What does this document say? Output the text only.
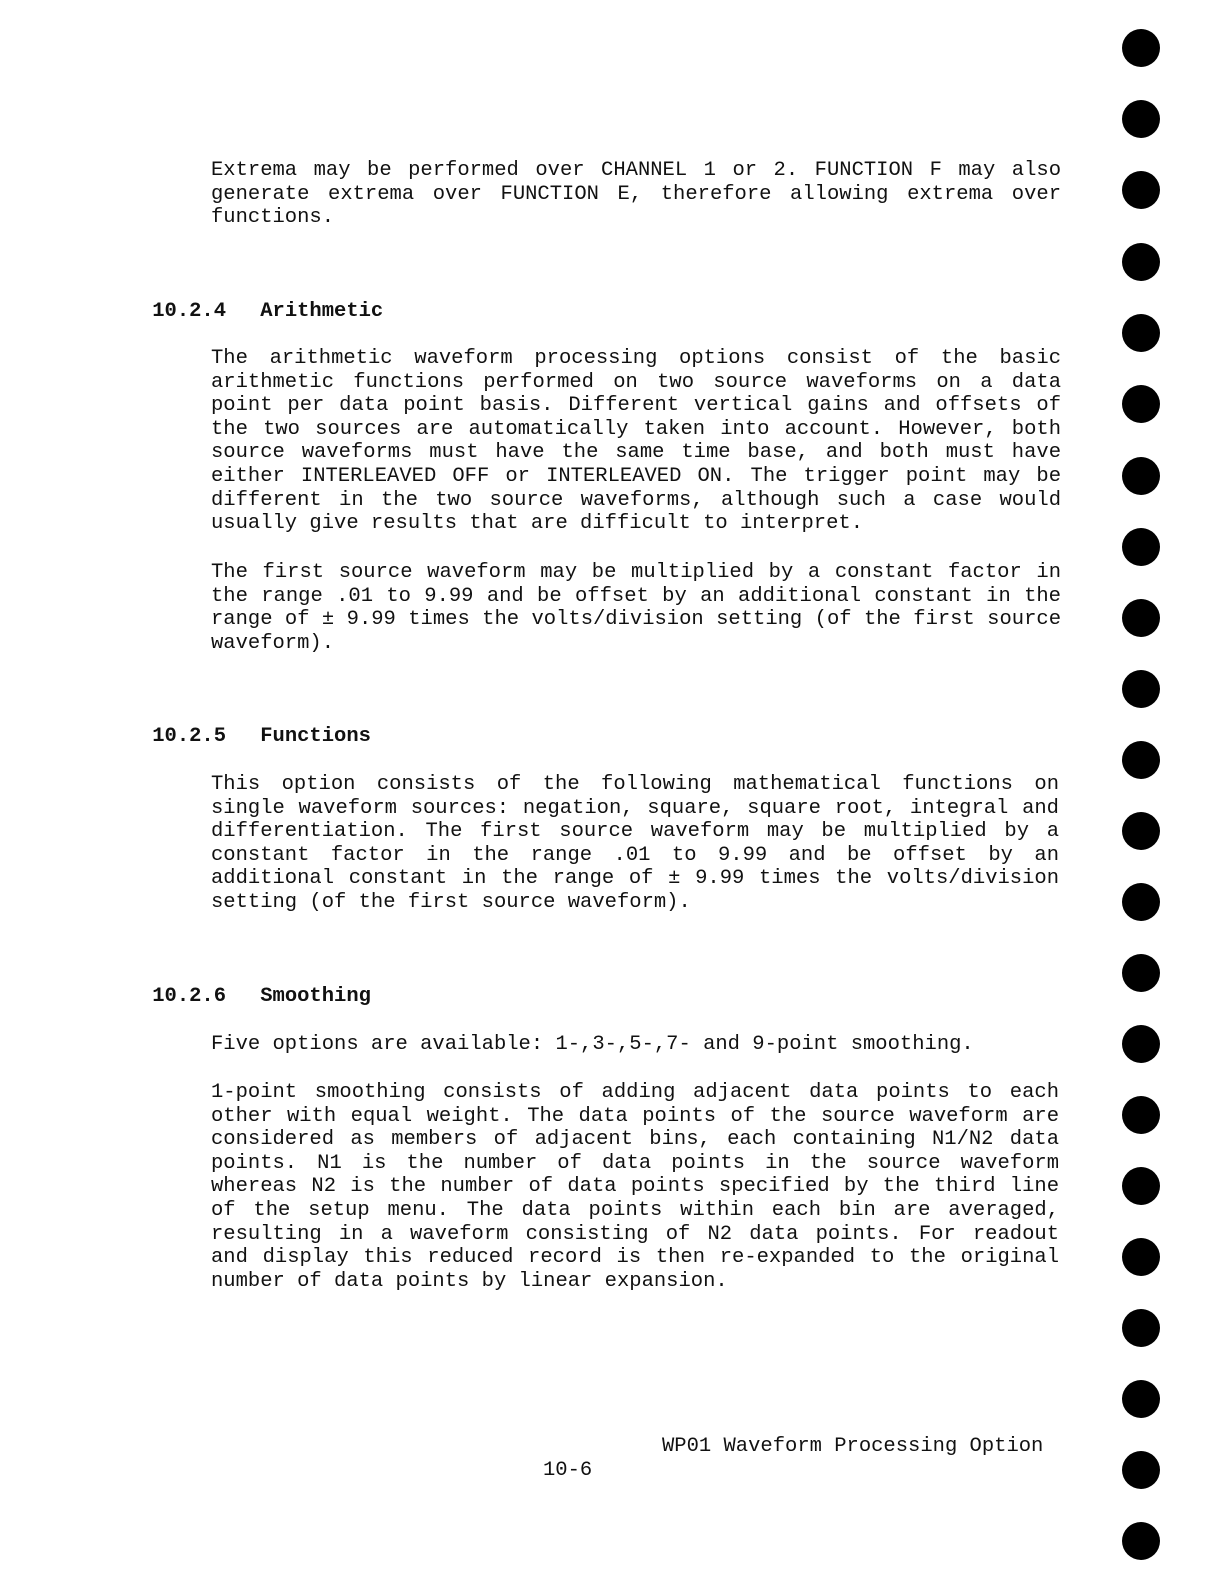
Extrema may be performed over CHANNEL 1 or 2. FUNCTION F may also generate extrema over FUNCTION E, therefore allowing extrema over functions.

10.2.4 Arithmetic

The arithmetic waveform processing options consist of the basic arithmetic functions performed on two source waveforms on a data point per data point basis. Different vertical gains and offsets of the two sources are automatically taken into account. However, both source waveforms must have the same time base, and both must have either INTERLEAVED OFF or INTERLEAVED ON. The trigger point may be different in the two source waveforms, although such a case would usually give results that are difficult to interpret.

The first source waveform may be multiplied by a constant factor in the range .01 to 9.99 and be offset by an additional constant in the range of ± 9.99 times the volts/division setting (of the first source waveform).

10.2.5 Functions

This option consists of the following mathematical functions on single waveform sources: negation, square, square root, integral and differentiation. The first source waveform may be multiplied by a constant factor in the range .01 to 9.99 and be offset by an additional constant in the range of ± 9.99 times the volts/division setting (of the first source waveform).

10.2.6 Smoothing

Five options are available: 1-,3-,5-,7- and 9-point smoothing.

1-point smoothing consists of adding adjacent data points to each other with equal weight. The data points of the source waveform are considered as members of adjacent bins, each containing N1/N2 data points. N1 is the number of data points in the source waveform whereas N2 is the number of data points specified by the third line of the setup menu. The data points within each bin are averaged, resulting in a waveform consisting of N2 data points. For readout and display this reduced record is then re-expanded to the original number of data points by linear expansion.

WP01 Waveform Processing Option
10-6
